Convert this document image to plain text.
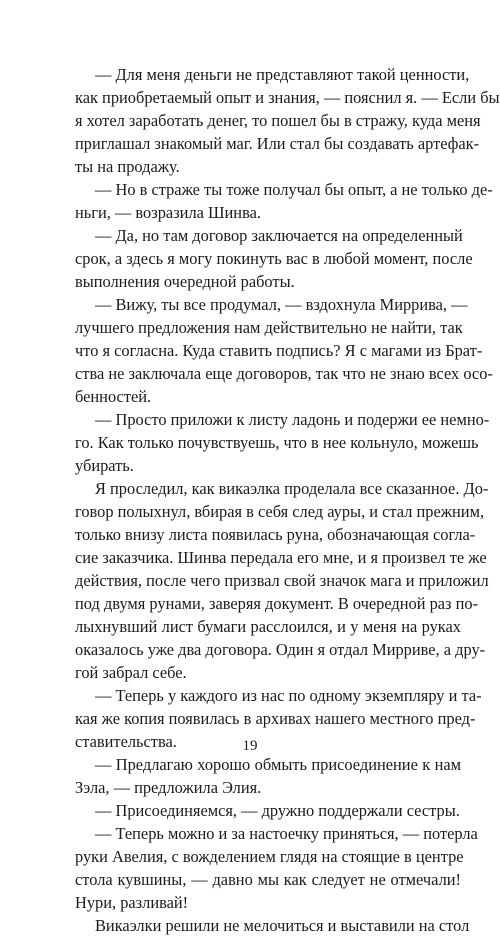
— Для меня деньги не представляют такой ценности,
как приобретаемый опыт и знания, — пояснил я. — Если бы
я хотел заработать денег, то пошел бы в стражу, куда меня
приглашал знакомый маг. Или стал бы создавать артефак-
ты на продажу.
— Но в страже ты тоже получал бы опыт, а не только де-
ньги, — возразила Шинва.
— Да, но там договор заключается на определенный
срок, а здесь я могу покинуть вас в любой момент, после
выполнения очередной работы.
— Вижу, ты все продумал, — вздохнула Миррива, —
лучшего предложения нам действительно не найти, так
что я согласна. Куда ставить подпись? Я с магами из Брат-
ства не заключала еще договоров, так что не знаю всех осо-
бенностей.
— Просто приложи к листу ладонь и подержи ее немно-
го. Как только почувствуешь, что в нее кольнуло, можешь
убирать.
Я проследил, как викаэлка проделала все сказанное. До-
говор полыхнул, вбирая в себя след ауры, и стал прежним,
только внизу листа появилась руна, обозначающая согла-
сие заказчика. Шинва передала его мне, и я произвел те же
действия, после чего призвал свой значок мага и приложил
под двумя рунами, заверяя документ. В очередной раз по-
лыхнувший лист бумаги расслоился, и у меня на руках
оказалось уже два договора. Один я отдал Мирриве, а дру-
гой забрал себе.
— Теперь у каждого из нас по одному экземпляру и та-
кая же копия появилась в архивах нашего местного пред-
ставительства.
— Предлагаю хорошо обмыть присоединение к нам
Зэла, — предложила Элия.
— Присоединяемся, — дружно поддержали сестры.
— Теперь можно и за настоечку приняться, — потерла
руки Авелия, с вожделением глядя на стоящие в центре
стола кувшины, — давно мы как следует не отмечали!
Нури, разливай!
Викаэлки решили не мелочиться и выставили на стол
19
